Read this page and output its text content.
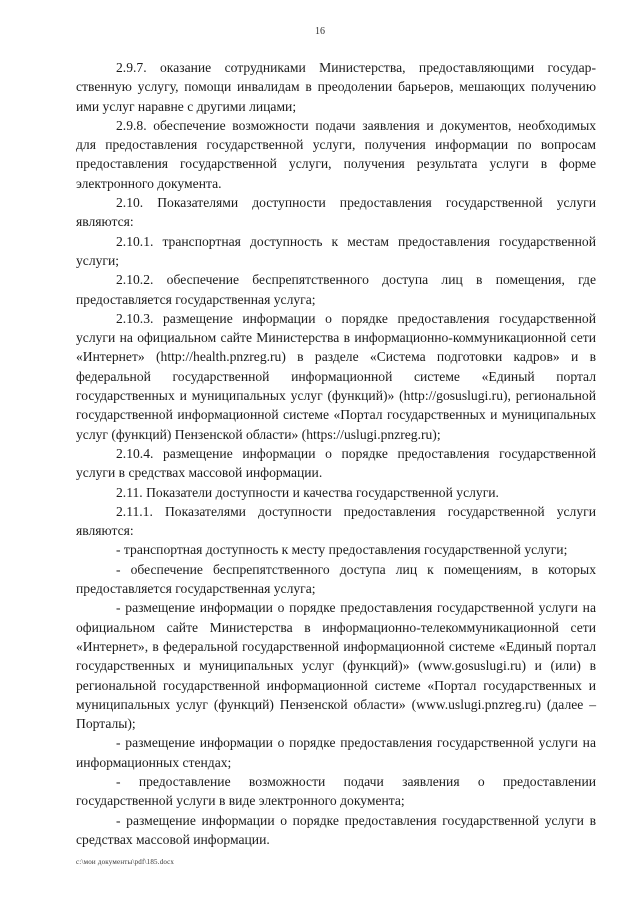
16

2.9.7. оказание сотрудниками Министерства, предоставляющими государственную услугу, помощи инвалидам в преодолении барьеров, мешающих получению ими услуг наравне с другими лицами;

2.9.8. обеспечение возможности подачи заявления и документов, необходимых для предоставления государственной услуги, получения информации по вопросам предоставления государственной услуги, получения результата услуги в форме электронного документа.

2.10. Показателями доступности предоставления государственной услуги являются:

2.10.1. транспортная доступность к местам предоставления государственной услуги;

2.10.2. обеспечение беспрепятственного доступа лиц в помещения, где предоставляется государственная услуга;

2.10.3. размещение информации о порядке предоставления государственной услуги на официальном сайте Министерства в информационно-коммуникационной сети «Интернет» (http://health.pnzreg.ru) в разделе «Система подготовки кадров» и в федеральной государственной информационной системе «Единый портал государственных и муниципальных услуг (функций)» (http://gosuslugi.ru), региональной государственной информационной системе «Портал государственных и муниципальных услуг (функций) Пензенской области» (https://uslugi.pnzreg.ru);

2.10.4. размещение информации о порядке предоставления государственной услуги в средствах массовой информации.

2.11. Показатели доступности и качества государственной услуги.

2.11.1. Показателями доступности предоставления государственной услуги являются:

- транспортная доступность к месту предоставления государственной услуги;

- обеспечение беспрепятственного доступа лиц к помещениям, в которых предоставляется государственная услуга;

- размещение информации о порядке предоставления государственной услуги на официальном сайте Министерства в информационно-телекоммуникационной сети «Интернет», в федеральной государственной информационной системе «Единый портал государственных и муниципальных услуг (функций)» (www.gosuslugi.ru) и (или) в региональной государственной информационной системе «Портал государственных и муниципальных услуг (функций) Пензенской области» (www.uslugi.pnzreg.ru) (далее – Порталы);

- размещение информации о порядке предоставления государственной услуги на информационных стендах;

- предоставление возможности подачи заявления о предоставлении государственной услуги в виде электронного документа;

- размещение информации о порядке предоставления государственной услуги в средствах массовой информации.

c:\мои документы\pdf\185.docx
